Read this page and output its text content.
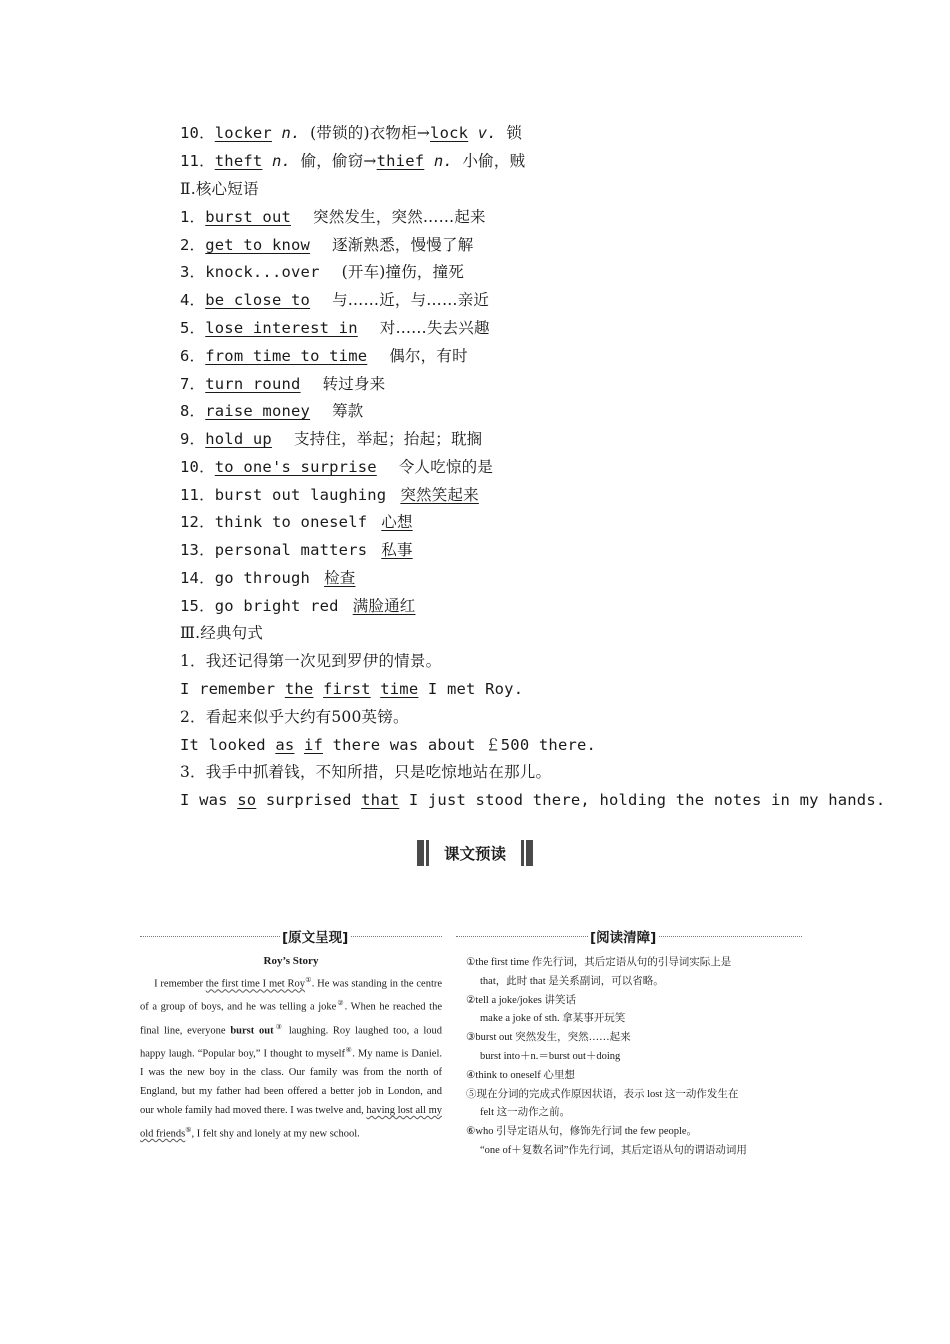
10．locker n. (带锁的)衣物柜→lock v. 锁
11．theft n. 偷，偷窃→thief n. 小偷，贼
Ⅱ.核心短语
1．burst out 突然发生，突然……起来
2．get to know 逐渐熟悉，慢慢了解
3．knock...over (开车)撞伤，撞死
4．be close to 与……近，与……亲近
5．lose interest in 对……失去兴趣
6．from time to time 偶尔，有时
7．turn round 转过身来
8．raise money 筹款
9．hold up 支持住，举起；抬起；耽搁
10．to one's surprise 令人吃惊的是
11．burst out laughing 突然笑起来
12．think to oneself 心想
13．personal matters 私事
14．go through 检查
15．go bright red 满脸通红
Ⅲ.经典句式
1．我还记得第一次见到罗伊的情景。
I remember the first time I met Roy.
2．看起来似乎大约有500英镑。
It looked as if there was about ￡500 there.
3．我手中抓着钱，不知所措，只是吃惊地站在那儿。
I was so surprised that I just stood there, holding the notes in my hands.
课文预读
[原文呈现]
Roy’s Story

I remember the first time I met Roy①. He was standing in the centre of a group of boys, and he was telling a joke②. When he reached the final line, everyone burst out③ laughing. Roy laughed too, a loud happy laugh. “Popular boy,” I thought to myself④. My name is Daniel. I was the new boy in the class. Our family was from the north of England, but my father had been offered a better job in London, and our whole family had moved there. I was twelve and, having lost all my old friends⑤, I felt shy and lonely at my new school.

[阅读清障]
①the first time 作先行词，其后定语从句的引导词实际上是
that，此时 that 是关系副词，可以省略。
②tell a joke/jokes 讲笑话
make a joke of sth. 拿某事开玩笑
③burst out 突然发生，突然……起来
burst into＋n.＝burst out＋doing
④think to oneself 心里想
⑤现在分词的完成式作原因状语，表示 lost 这一动作发生在
felt 这一动作之前。
⑥who 引导定语从句，修饰先行词 the few people。
“one of＋复数名词”作先行词，其后定语从句的谓语动词用
